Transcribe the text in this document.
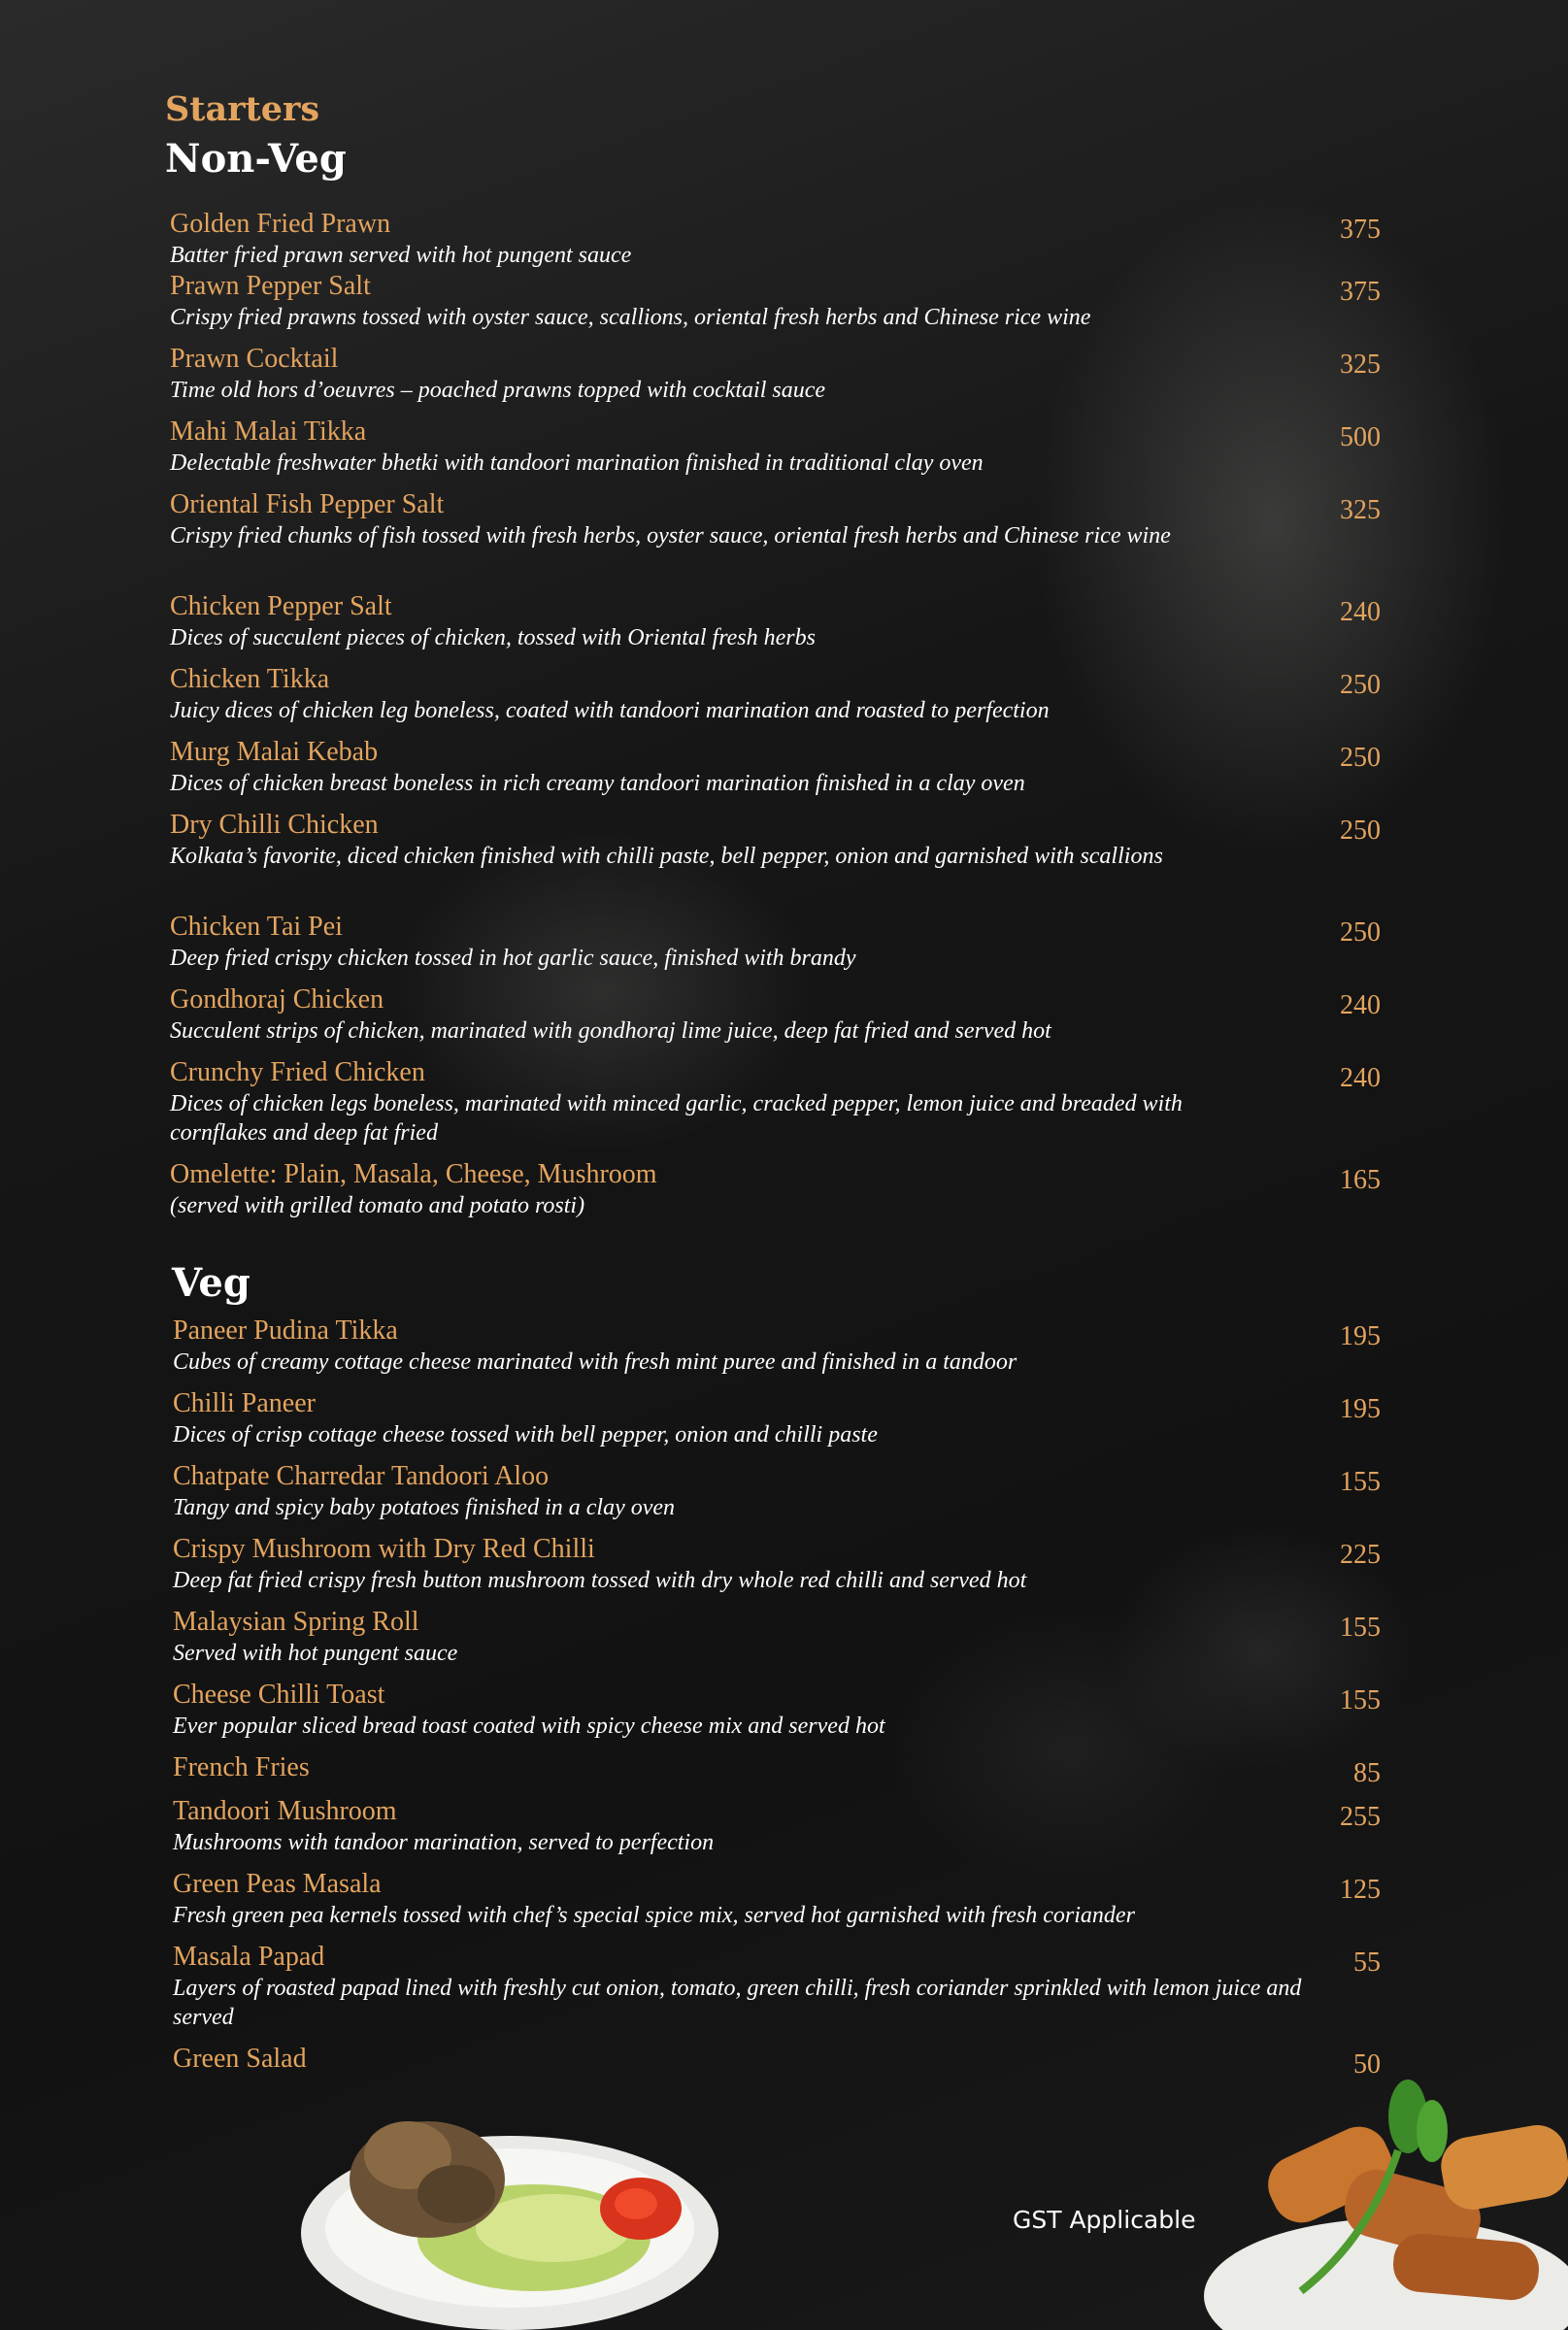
Starters
Non-Veg
Golden Fried Prawn
Batter fried prawn served with hot pungent sauce
375
Prawn Pepper Salt
Crispy fried prawns tossed with oyster sauce, scallions, oriental fresh herbs and Chinese rice wine
375
Prawn Cocktail
Time old hors d’oeuvres – poached prawns topped with cocktail sauce
325
Mahi Malai Tikka
Delectable freshwater bhetki with tandoori marination finished in traditional clay oven
500
Oriental Fish Pepper Salt
Crispy fried chunks of fish tossed with fresh herbs, oyster sauce, oriental fresh herbs and Chinese rice wine
325
Chicken Pepper Salt
Dices of succulent pieces of chicken, tossed with Oriental fresh herbs
240
Chicken Tikka
Juicy dices of chicken leg boneless, coated with tandoori marination and roasted to perfection
250
Murg Malai Kebab
Dices of chicken breast boneless in rich creamy tandoori marination finished in a clay oven
250
Dry Chilli Chicken
Kolkata’s favorite, diced chicken finished with chilli paste, bell pepper, onion and garnished with scallions
250
Chicken Tai Pei
Deep fried crispy chicken tossed in hot garlic sauce, finished with brandy
250
Gondhoraj Chicken
Succulent strips of chicken, marinated with gondhoraj lime juice, deep fat fried and served hot
240
Crunchy Fried Chicken
Dices of chicken legs boneless, marinated with minced garlic, cracked pepper, lemon juice and breaded with cornflakes and deep fat fried
240
Omelette: Plain, Masala, Cheese, Mushroom
(served with grilled tomato and potato rosti)
165
Veg
Paneer Pudina Tikka
Cubes of creamy cottage cheese marinated with fresh mint puree and finished in a tandoor
195
Chilli Paneer
Dices of crisp cottage cheese tossed with bell pepper, onion and chilli paste
195
Chatpate Charredar Tandoori Aloo
Tangy and spicy baby potatoes finished in a clay oven
155
Crispy Mushroom with Dry Red Chilli
Deep fat fried crispy fresh button mushroom tossed with dry whole red chilli and served hot
225
Malaysian Spring Roll
Served with hot pungent sauce
155
Cheese Chilli Toast
Ever popular sliced bread toast coated with spicy cheese mix and served hot
155
French Fries	85
Tandoori Mushroom
Mushrooms with tandoor marination, served to perfection
255
Green Peas Masala
Fresh green pea kernels tossed with chef’s special spice mix, served hot garnished with fresh coriander
125
Masala Papad
Layers of roasted papad lined with freshly cut onion, tomato, green chilli, fresh coriander sprinkled with lemon juice and served
55
Green Salad	50
GST Applicable
